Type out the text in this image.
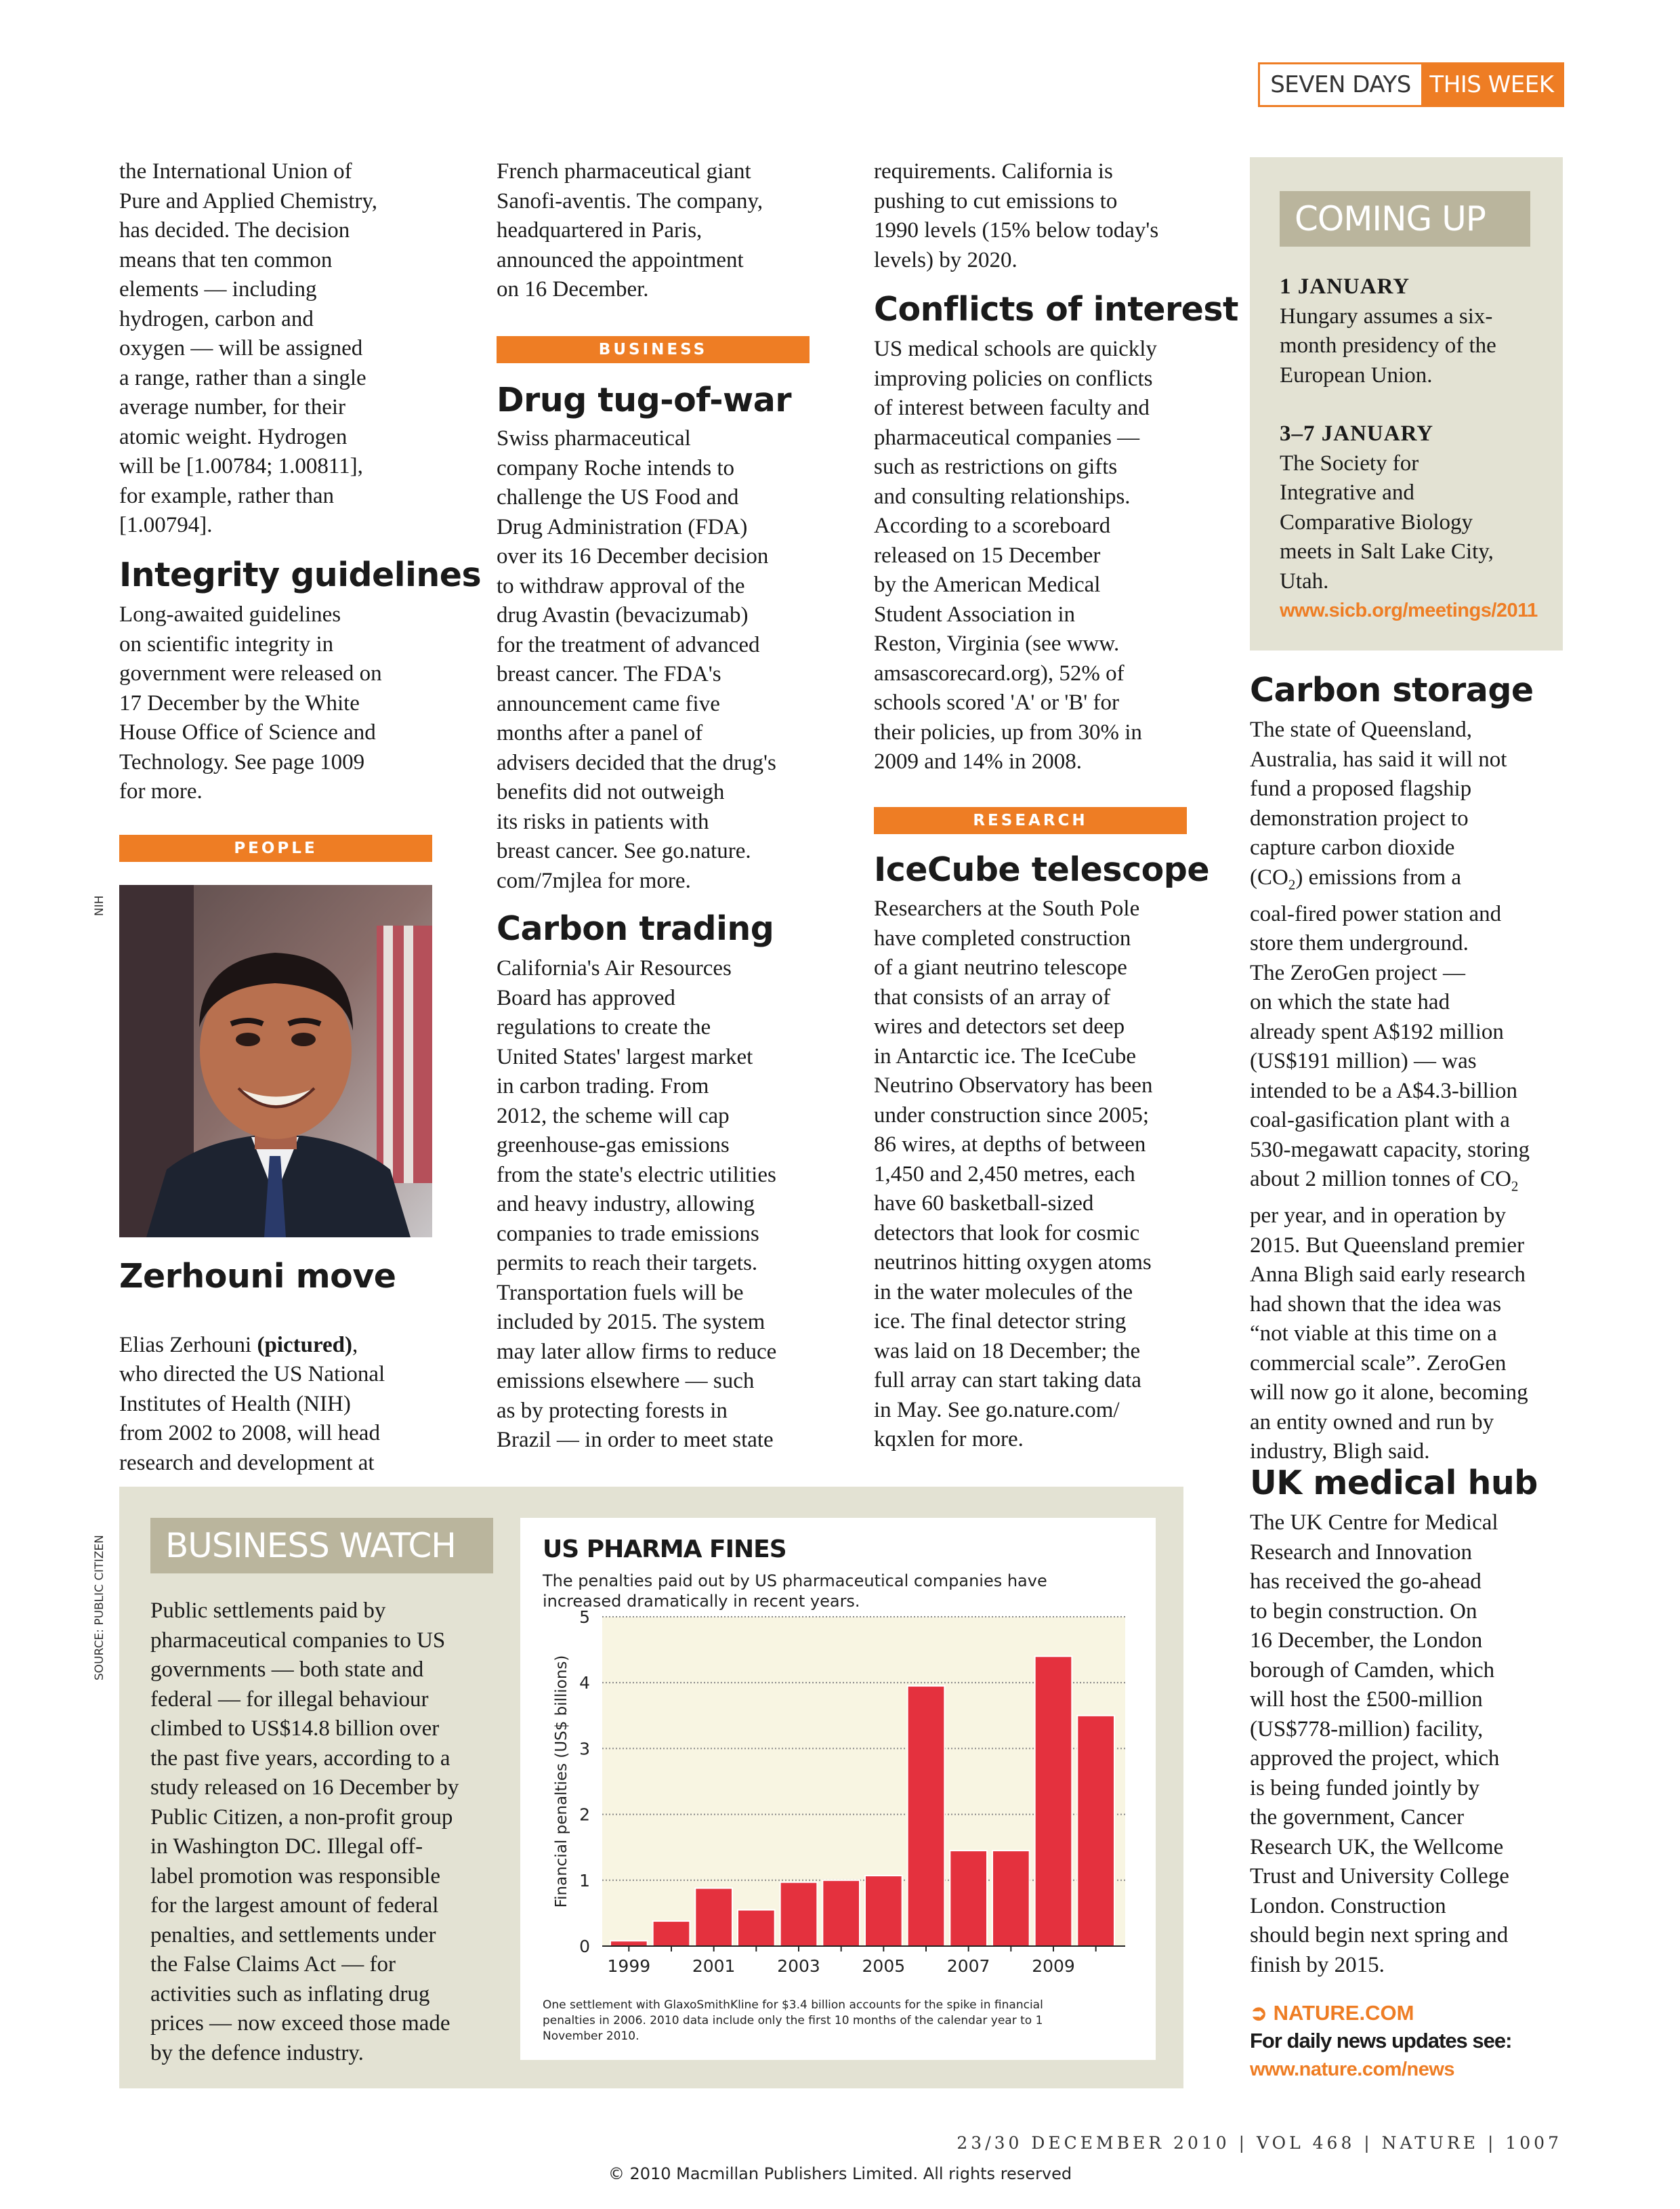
SEVEN DAYS THIS WEEK
the International Union of
Pure and Applied Chemistry,
has decided. The decision
means that ten common
elements — including
hydrogen, carbon and
oxygen — will be assigned
a range, rather than a single
average number, for their
atomic weight. Hydrogen
will be [1.00784; 1.00811],
for example, rather than
[1.00794].
Integrity guidelines
Long-awaited guidelines
on scientific integrity in
government were released on
17 December by the White
House Office of Science and
Technology. See page 1009
for more.
PEOPLE
NIH
Zerhouni move

Elias Zerhouni (pictured),
who directed the US National
Institutes of Health (NIH)
from 2002 to 2008, will head
research and development at
French pharmaceutical giant
Sanofi-aventis. The company,
headquartered in Paris,
announced the appointment
on 16 December.
BUSINESS
Drug tug-of-war
Swiss pharmaceutical
company Roche intends to
challenge the US Food and
Drug Administration (FDA)
over its 16 December decision
to withdraw approval of the
drug Avastin (bevacizumab)
for the treatment of advanced
breast cancer. The FDA's
announcement came five
months after a panel of
advisers decided that the drug's
benefits did not outweigh
its risks in patients with
breast cancer. See go.nature.
com/7mjlea for more.
Carbon trading
California's Air Resources
Board has approved
regulations to create the
United States' largest market
in carbon trading. From
2012, the scheme will cap
greenhouse-gas emissions
from the state's electric utilities
and heavy industry, allowing
companies to trade emissions
permits to reach their targets.
Transportation fuels will be
included by 2015. The system
may later allow firms to reduce
emissions elsewhere — such
as by protecting forests in
Brazil — in order to meet state
requirements. California is
pushing to cut emissions to
1990 levels (15% below today's
levels) by 2020.
Conflicts of interest
US medical schools are quickly
improving policies on conflicts
of interest between faculty and
pharmaceutical companies —
such as restrictions on gifts
and consulting relationships.
According to a scoreboard
released on 15 December
by the American Medical
Student Association in
Reston, Virginia (see www.
amsascorecard.org), 52% of
schools scored 'A' or 'B' for
their policies, up from 30% in
2009 and 14% in 2008.
RESEARCH
IceCube telescope
Researchers at the South Pole
have completed construction
of a giant neutrino telescope
that consists of an array of
wires and detectors set deep
in Antarctic ice. The IceCube
Neutrino Observatory has been
under construction since 2005;
86 wires, at depths of between
1,450 and 2,450 metres, each
have 60 basketball-sized
detectors that look for cosmic
neutrinos hitting oxygen atoms
in the water molecules of the
ice. The final detector string
was laid on 18 December; the
full array can start taking data
in May. See go.nature.com/
kqxlen for more.
COMING UP
1 JANUARY
Hungary assumes a six-
month presidency of the
European Union.
3–7 JANUARY
The Society for
Integrative and
Comparative Biology
meets in Salt Lake City,
Utah.
www.sicb.org/meetings/2011
Carbon storage
The state of Queensland,
Australia, has said it will not
fund a proposed flagship
demonstration project to
capture carbon dioxide
$(CO_2)$ emissions from a
coal-fired power station and
store them underground.
The ZeroGen project —
on which the state had
already spent A$192 million
(US$191 million) — was
intended to be a A$4.3-billion
coal-gasification plant with a
530-megawatt capacity, storing
about 2 million tonnes of $CO_2$
per year, and in operation by
2015. But Queensland premier
Anna Bligh said early research
had shown that the idea was
“not viable at this time on a
commercial scale”. ZeroGen
will now go it alone, becoming
an entity owned and run by
industry, Bligh said.
UK medical hub
The UK Centre for Medical
Research and Innovation
has received the go-ahead
to begin construction. On
16 December, the London
borough of Camden, which
will host the £500-million
(US$778-million) facility,
approved the project, which
is being funded jointly by
the government, Cancer
Research UK, the Wellcome
Trust and University College
London. Construction
should begin next spring and
finish by 2015.
➲ NATURE.COM
For daily news updates see:
www.nature.com/news
SOURCE: PUBLIC CITIZEN	BUSINESS WATCH
Public settlements paid by
pharmaceutical companies to US
governments — both state and
federal — for illegal behaviour
climbed to US$14.8 billion over
the past five years, according to a
study released on 16 December by
Public Citizen, a non-profit group
in Washington DC. Illegal off-
label promotion was responsible
for the largest amount of federal
penalties, and settlements under
the False Claims Act — for
activities such as inflating drug
prices — now exceed those made
by the defence industry.
US PHARMA FINES
The penalties paid out by US pharmaceutical companies have increased dramatically in recent years.
0
1
2
3
4
5
1999 2001 2003 2005 2007 2009
Financial penalties (US$ billions)
One settlement with GlaxoSmithKline for $3.4 billion accounts for the spike in financial penalties in 2006. 2010 data include only the first 10 months of the calendar year to 1 November 2010.
23/30 DECEMBER 2010 | VOL 468 | NATURE | 1007
© 2010 Macmillan Publishers Limited. All rights reserved
